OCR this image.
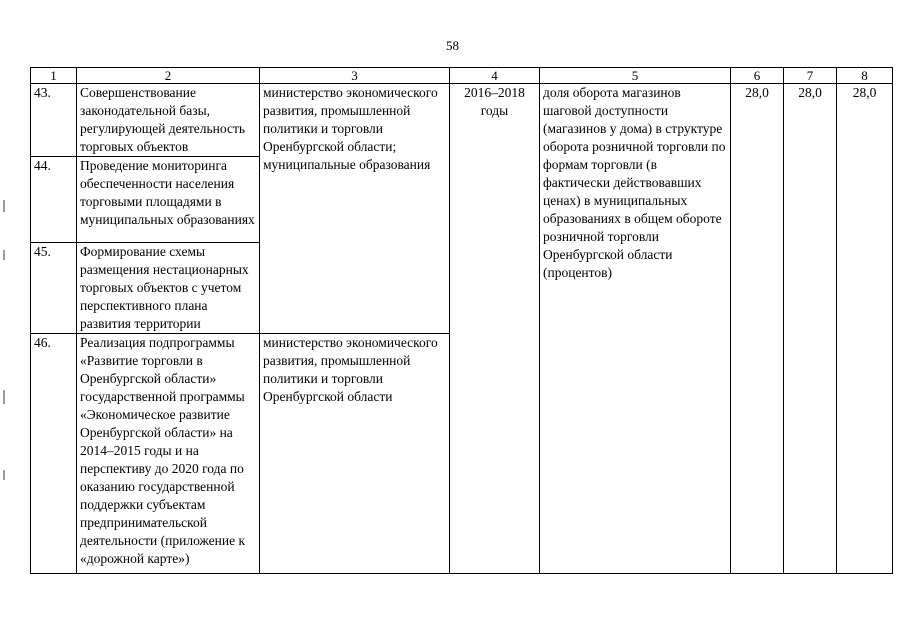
58
1	2	3	4	5	6	7	8
43.	Совершенствование законодательной базы, регулирующей деятельность торговых объектов	министерство экономического развития, промышленной политики и торговли Оренбургской области; муниципальные образования	2016–2018 годы	доля оборота магазинов шаговой доступности (магазинов у дома) в структуре оборота розничной торговли по формам торговли (в фактически действовавших ценах) в муниципальных образованиях в общем обороте розничной торговли Оренбургской области (процентов)	28,0	28,0	28,0
44.	Проведение мониторинга обеспеченности населения торговыми площадями в муниципальных образованиях						
45.	Формирование схемы размещения нестационарных торговых объектов с учетом перспективного плана развития территории						
46.	Реализация подпрограммы «Развитие торговли в Оренбургской области» государственной программы «Экономическое развитие Оренбургской области» на 2014–2015 годы и на перспективу до 2020 года по оказанию государственной поддержки субъектам предпринимательской деятельности (приложение к «дорожной карте»)	министерство экономического развития, промышленной политики и торговли Оренбургской области					
